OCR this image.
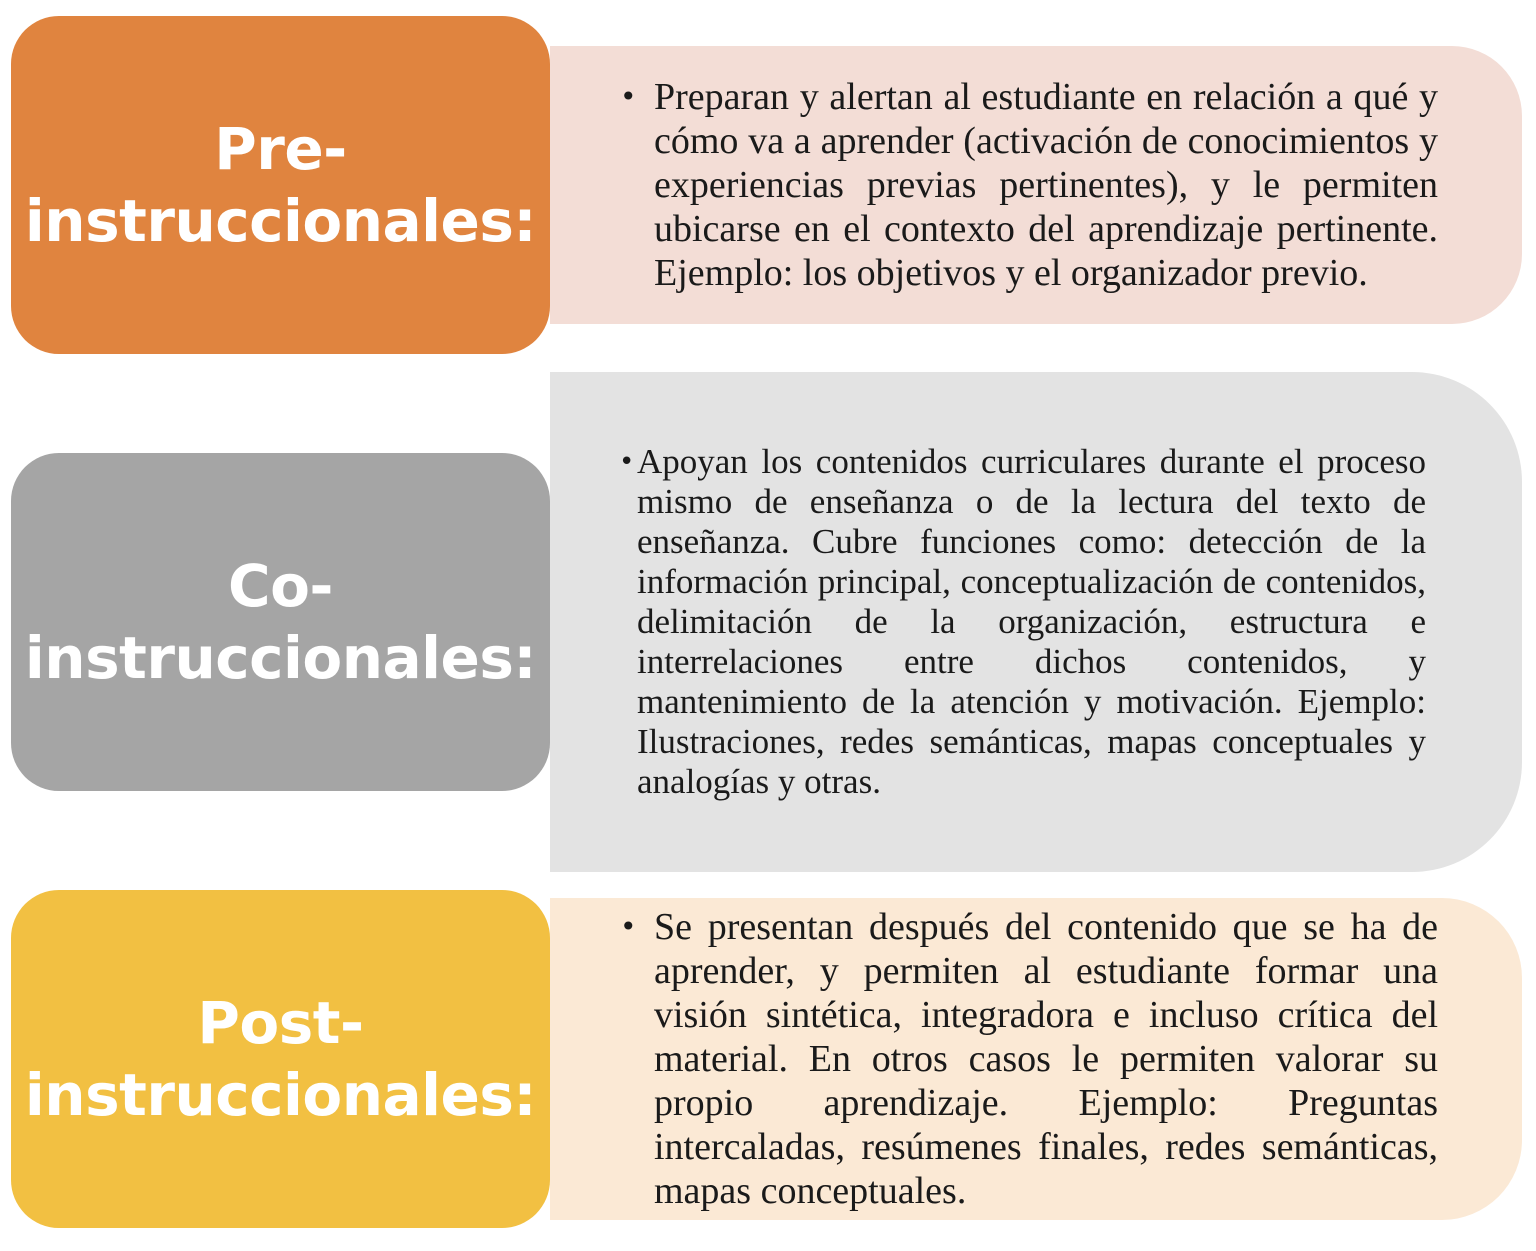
• Preparan y alertan al estudiante en relación a qué y cómo va a aprender (activación de conocimientos y experiencias previas pertinentes), y le permiten ubicarse en el contexto del aprendizaje pertinente. Ejemplo: los objetivos y el organizador previo.
Pre-
instruccionales:
• Apoyan los contenidos curriculares durante el proceso mismo de enseñanza o de la lectura del texto de enseñanza. Cubre funciones como: detección de la información principal, conceptualización de contenidos, delimitación de la organización, estructura e interrelaciones entre dichos contenidos, y mantenimiento de la atención y motivación. Ejemplo: Ilustraciones, redes semánticas, mapas conceptuales y analogías y otras.
Co-
instruccionales:
• Se presentan después del contenido que se ha de aprender, y permiten al estudiante formar una visión sintética, integradora e incluso crítica del material. En otros casos le permiten valorar su propio aprendizaje. Ejemplo: Preguntas intercaladas, resúmenes finales, redes semánticas, mapas conceptuales.
Post-
instruccionales:
